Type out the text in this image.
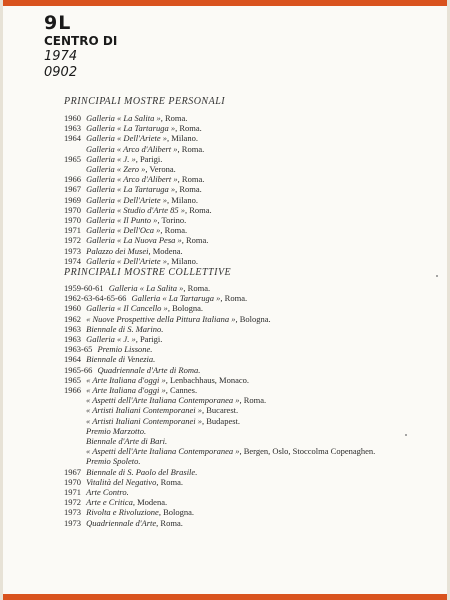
9L
CENTRO DI
1974
0902
PRINCIPALI MOSTRE PERSONALI
1960 Galleria « La Salita », Roma.
1963 Galleria « La Tartaruga », Roma.
1964 Galleria « Dell'Ariete », Milano.
Galleria « Arco d'Alibert », Roma.
1965 Galleria « J. », Parigi.
Galleria « Zero », Verona.
1966 Galleria « Arco d'Alibert », Roma.
1967 Galleria « La Tartaruga », Roma.
1969 Galleria « Dell'Ariete », Milano.
1970 Galleria « Studio d'Arte 85 », Roma.
1970 Galleria « Il Punto », Torino.
1971 Galleria « Dell'Oca », Roma.
1972 Galleria « La Nuova Pesa », Roma.
1973 Palazzo dei Musei, Modena.
1974 Galleria « Dell'Ariete », Milano.
PRINCIPALI MOSTRE COLLETTIVE
1959-60-61 Galleria « La Salita », Roma.
1962-63-64-65-66 Galleria « La Tartaruga », Roma.
1960 Galleria « Il Cancello », Bologna.
1962 « Nuove Prospettive della Pittura Italiana », Bologna.
1963 Biennale di S. Marino.
1963 Galleria « J. », Parigi.
1963-65 Premio Lissone.
1964 Biennale di Venezia.
1965-66 Quadriennale d'Arte di Roma.
1965 « Arte Italiana d'oggi », Lenbachhaus, Monaco.
1966 « Arte Italiana d'oggi », Cannes.
« Aspetti dell'Arte Italiana Contemporanea », Roma.
« Artisti Italiani Contemporanei », Bucarest.
« Artisti Italiani Contemporanei », Budapest.
Premio Marzotto.
Biennale d'Arte di Bari.
« Aspetti dell'Arte Italiana Contemporanea », Bergen, Oslo, Stoccolma Copenaghen.
Premio Spoleto.
1967 Biennale di S. Paolo del Brasile.
1970 Vitalità del Negativo, Roma.
1971 Arte Contro.
1972 Arte e Critica, Modena.
1973 Rivolta e Rivoluzione, Bologna.
1973 Quadriennale d'Arte, Roma.
